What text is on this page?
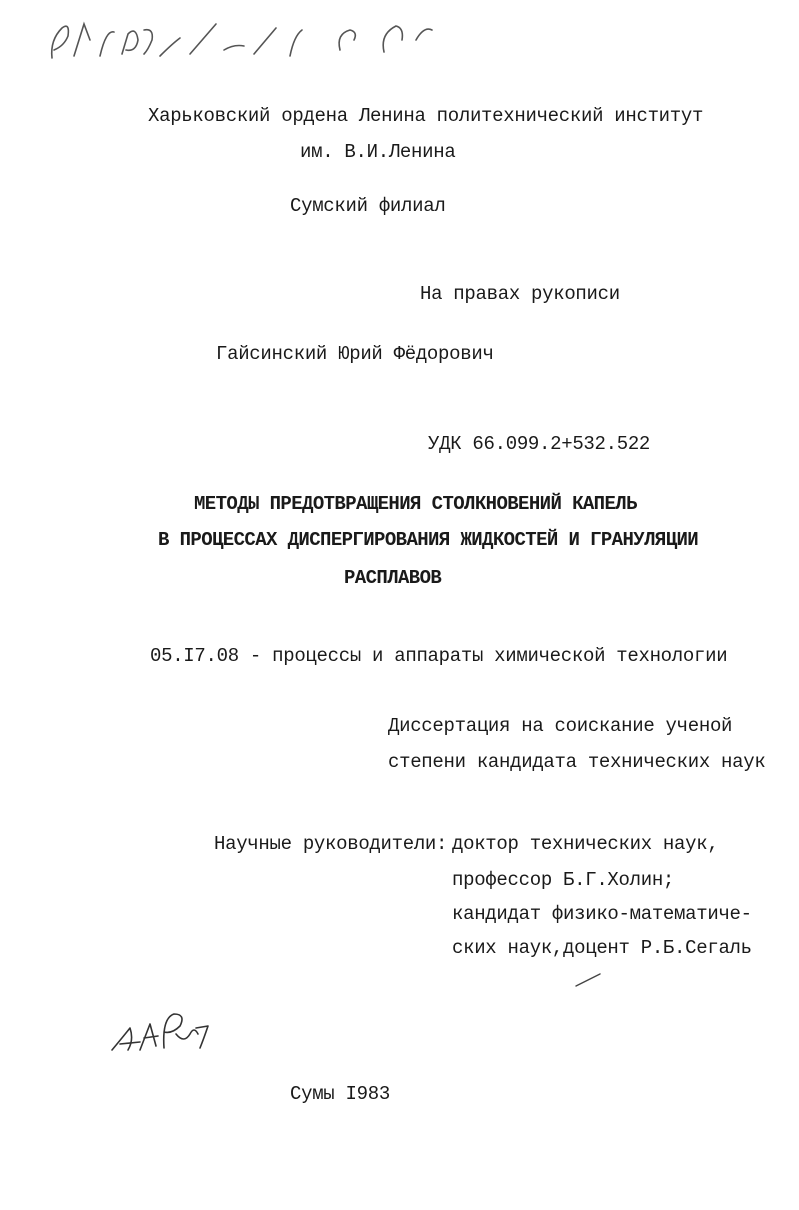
Харьковский ордена Ленина политехнический институт
им. В.И.Ленина
Сумский филиал
На правах рукописи
Гайсинский Юрий Фёдорович
УДК 66.099.2+532.522
МЕТОДЫ ПРЕДОТВРАЩЕНИЯ СТОЛКНОВЕНИЙ КАПЕЛЬ
В ПРОЦЕССАХ ДИСПЕРГИРОВАНИЯ ЖИДКОСТЕЙ И ГРАНУЛЯЦИИ
РАСПЛАВОВ
05.I7.08 - процессы и аппараты химической технологии
Диссертация на соискание ученой
степени кандидата технических наук
Научные руководители: доктор технических наук,
профессор Б.Г.Холин;
кандидат физико-математиче-
ских наук,доцент Р.Б.Сегаль
Сумы I983
